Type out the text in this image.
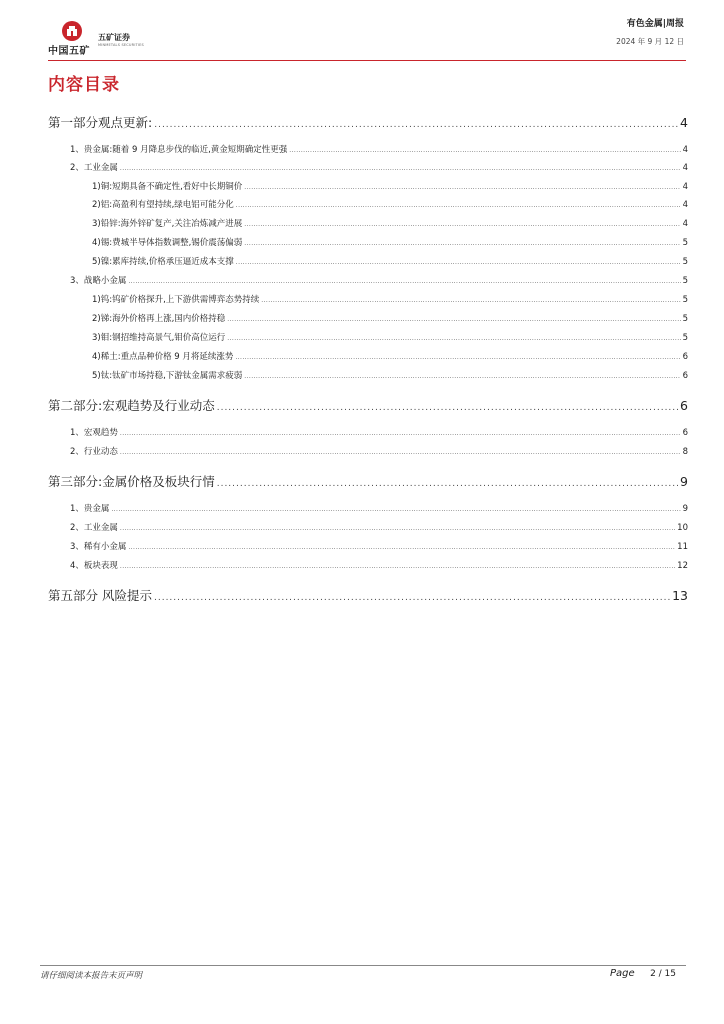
中国五矿
五矿证券
MINMETALS SECURITIES
有色金属|周报
2024 年 9 月 12 日
内容目录
第一部分观点更新: .....	4
1、贵金属:随着 9 月降息步伐的临近,黄金短期确定性更强 .....	4
2、工业金属 .....	4
1)铜:短期具备不确定性,看好中长期铜价 .....	4
2)铝:高盈利有望持续,绿电铝可能分化 .....	4
3)铅锌:海外锌矿复产,关注冶炼减产进展 .....	4
4)锡:费城半导体指数调整,锡价震荡偏弱 .....	5
5)镍:累库持续,价格承压逼近成本支撑 .....	5
3、战略小金属 .....	5
1)钨:钨矿价格探升,上下游供需博弈态势持续 .....	5
2)锑:海外价格再上涨,国内价格持稳 .....	5
3)钼:钢招维持高景气,钼价高位运行 .....	5
4)稀土:重点品种价格 9 月将延续涨势 .....	6
5)钛:钛矿市场持稳,下游钛金属需求疲弱 .....	6
第二部分:宏观趋势及行业动态 .....	6
1、宏观趋势 .....	6
2、行业动态 .....	8
第三部分:金属价格及板块行情 .....	9
1、贵金属 .....	9
2、工业金属 .....	10
3、稀有小金属 .....	11
4、板块表现 .....	12
第五部分 风险提示 .....	13
请仔细阅读本报告末页声明	Page 2 / 15
